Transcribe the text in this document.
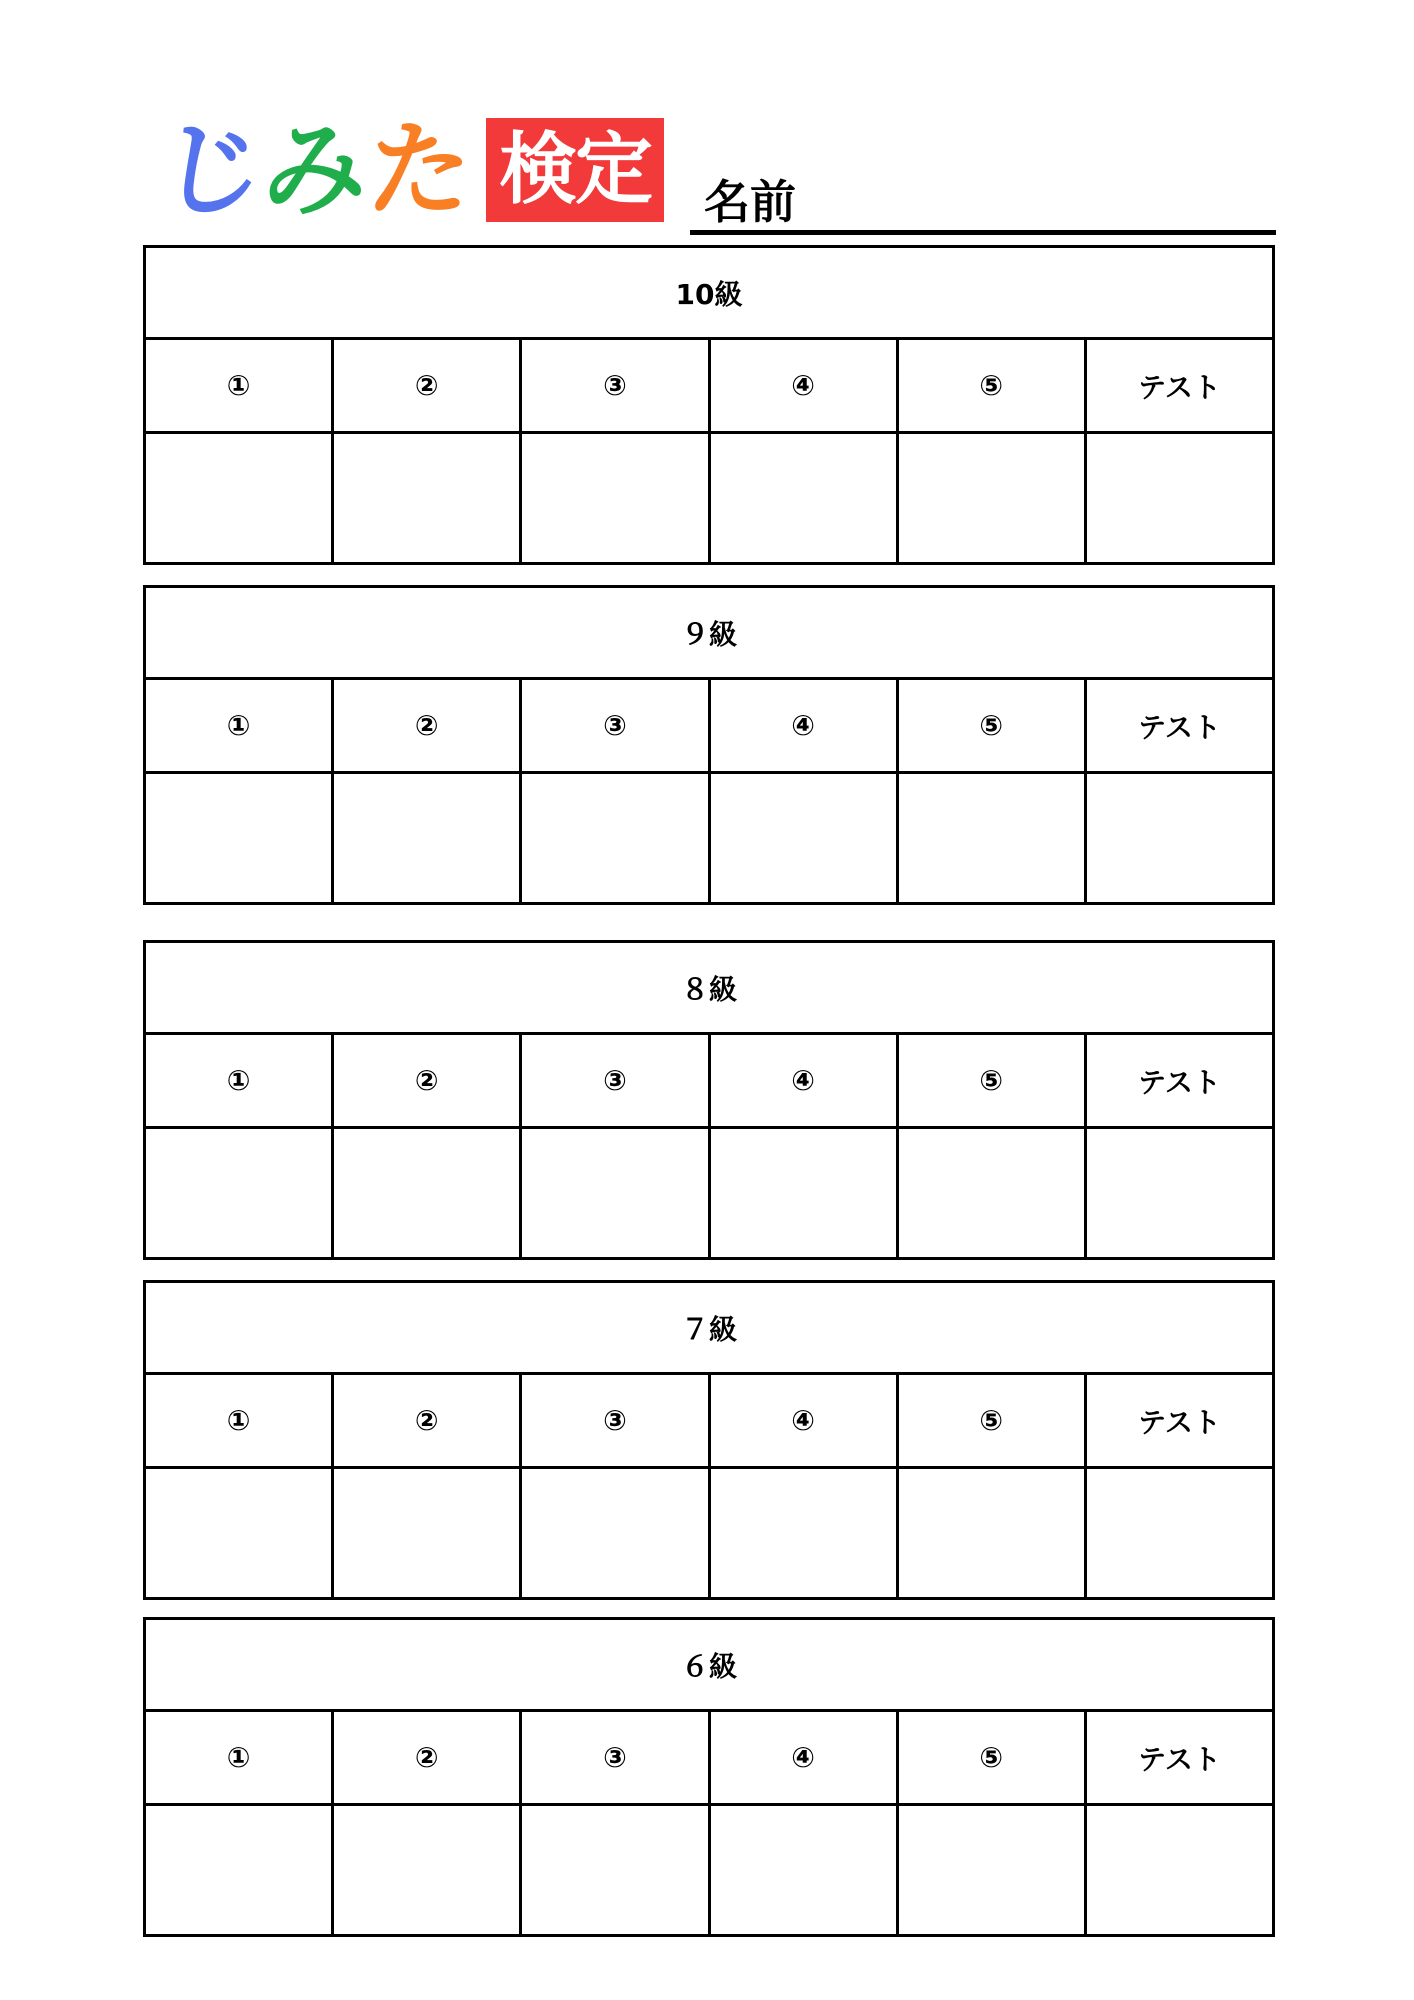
じ
み
た 検定 名前
10級
①	②	③	④	⑤	テスト
９級
①	②	③	④	⑤	テスト
８級
①	②	③	④	⑤	テスト
７級
①	②	③	④	⑤	テスト
６級
①	②	③	④	⑤	テスト
